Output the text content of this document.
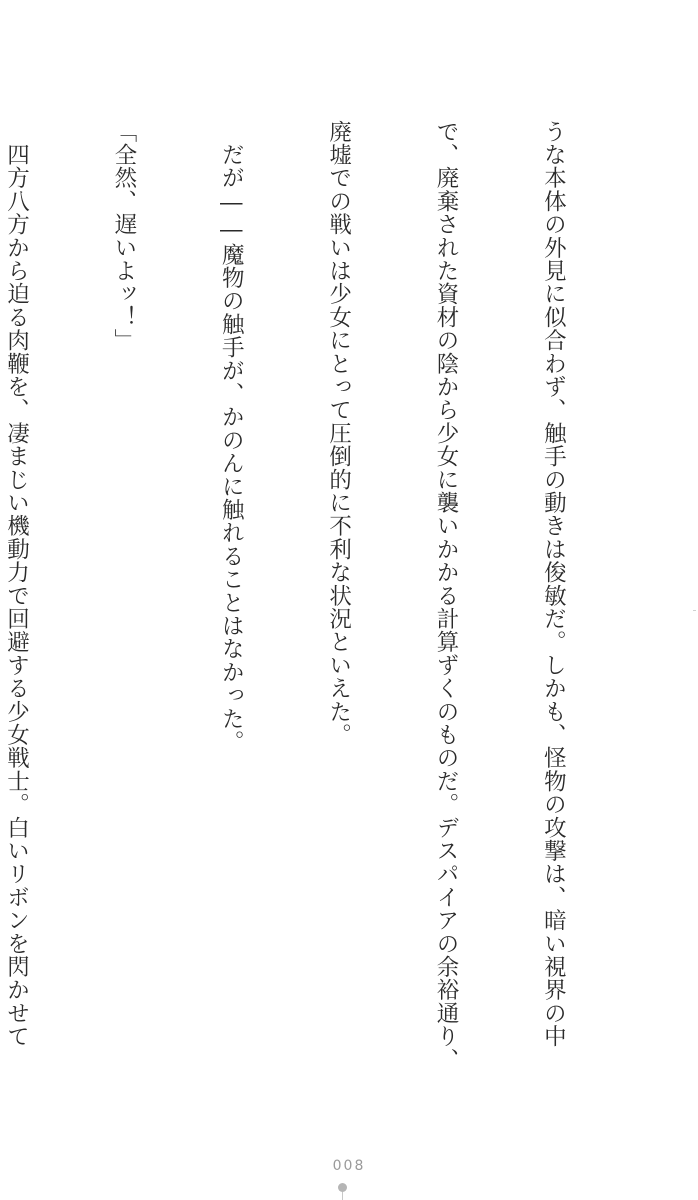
うな本体の外見に似合わず、触手の動きは俊敏だ。しかも、怪物の攻撃は、暗い視界の中

で、廃棄された資材の陰から少女に襲いかかる計算ずくのものだ。デスパイアの余裕通り、

廃墟での戦いは少女にとって圧倒的に不利な状況といえた。

　だが――魔物の触手が、かのんに触れることはなかった。

「全然、遅いよッ！」

　四方八方から迫る肉鞭を、凄まじい機動力で回避する少女戦士。白いリボンを閃かせて

008
